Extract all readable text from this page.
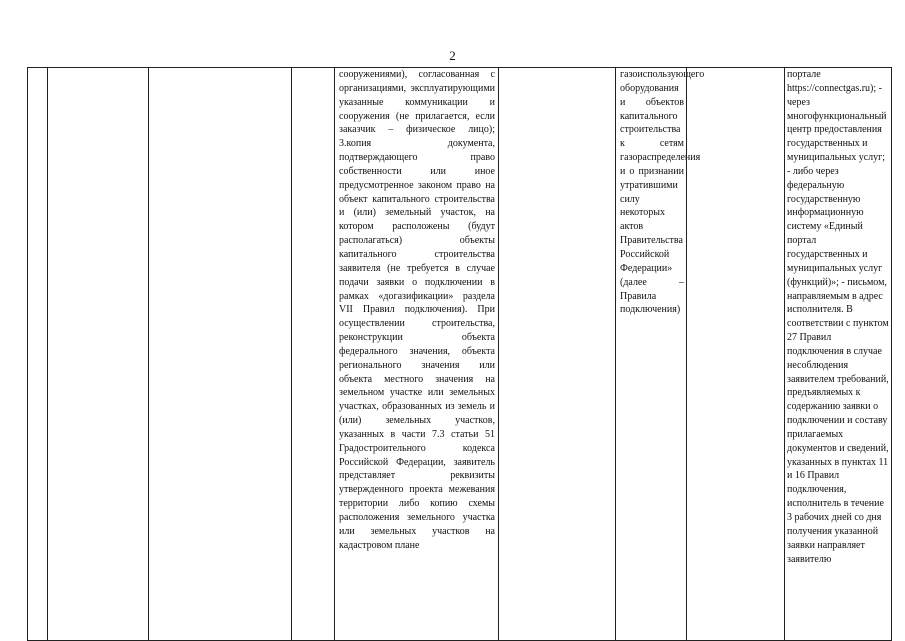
2

сооружениями), согласованная с организациями, эксплуатирующими указанные коммуникации и сооружения (не прилагается, если заказчик – физическое лицо); 3.копия документа, подтверждающего право собственности или иное предусмотренное законом право на объект капитального строительства и (или) земельный участок, на котором расположены (будут располагаться) объекты капитального строительства заявителя (не требуется в случае подачи заявки о подключении в рамках «догазификации» раздела VII Правил подключения). При осуществлении строительства, реконструкции объекта федерального значения, объекта регионального значения или объекта местного значения на земельном участке или земельных участках, образованных из земель и (или) земельных участков, указанных в части 7.3 статьи 51 Градостроительного кодекса Российской Федерации, заявитель представляет реквизиты утвержденного проекта межевания территории либо копию схемы расположения земельного участка или земельных участков на кадастровом плане

газоиспользующего оборудования и объектов капитального строительства к сетям газораспределения и о признании утратившими силу некоторых актов Правительства Российской Федерации» (далее – Правила подключения)

портале https://connectgas.ru); - через многофункциональный центр предоставления государственных и муниципальных услуг; - либо через федеральную государственную информационную систему «Единый портал государственных и муниципальных услуг (функций)»; - письмом, направляемым в адрес исполнителя. В соответствии с пунктом 27 Правил подключения в случае несоблюдения заявителем требований, предъявляемых к содержанию заявки о подключении и составу прилагаемых документов и сведений, указанных в пунктах 11 и 16 Правил подключения, исполнитель в течение 3 рабочих дней со дня получения указанной заявки направляет заявителю
